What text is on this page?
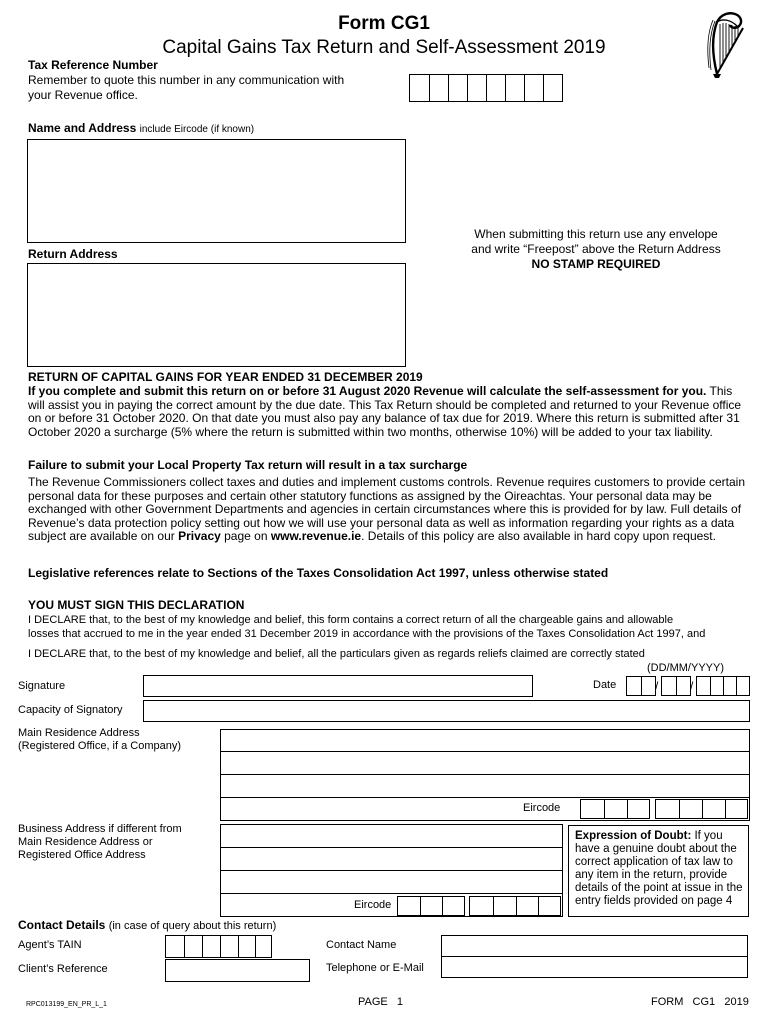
Form CG1
Capital Gains Tax Return and Self-Assessment 2019
Tax Reference Number
Remember to quote this number in any communication with
your Revenue office.
Name and Address include Eircode (if known)
When submitting this return use any envelope
and write “Freepost” above the Return Address
NO STAMP REQUIRED
Return Address
RETURN OF CAPITAL GAINS FOR YEAR ENDED 31 DECEMBER 2019
If you complete and submit this return on or before 31 August 2020 Revenue will calculate the self-assessment for you. This will assist you in paying the correct amount by the due date. This Tax Return should be completed and returned to your Revenue office on or before 31 October 2020. On that date you must also pay any balance of tax due for 2019. Where this return is submitted after 31 October 2020 a surcharge (5% where the return is submitted within two months, otherwise 10%) will be added to your tax liability.
Failure to submit your Local Property Tax return will result in a tax surcharge
The Revenue Commissioners collect taxes and duties and implement customs controls. Revenue requires customers to provide certain personal data for these purposes and certain other statutory functions as assigned by the Oireachtas. Your personal data may be exchanged with other Government Departments and agencies in certain circumstances where this is provided for by law. Full details of Revenue’s data protection policy setting out how we will use your personal data as well as information regarding your rights as a data subject are available on our Privacy page on www.revenue.ie. Details of this policy are also available in hard copy upon request.
Legislative references relate to Sections of the Taxes Consolidation Act 1997, unless otherwise stated
YOU MUST SIGN THIS DECLARATION
I DECLARE that, to the best of my knowledge and belief, this form contains a correct return of all the chargeable gains and allowable
losses that accrued to me in the year ended 31 December 2019 in accordance with the provisions of the Taxes Consolidation Act 1997, and
I DECLARE that, to the best of my knowledge and belief, all the particulars given as regards reliefs claimed are correctly stated
(DD/MM/YYYY)
Signature	Date	/	/
Capacity of Signatory
Main Residence Address
(Registered Office, if a Company)
Eircode
Business Address if different from
Main Residence Address or
Registered Office Address
Eircode
Expression of Doubt: If you have a genuine doubt about the correct application of tax law to any item in the return, provide details of the point at issue in the entry fields provided on page 4
Contact Details (in case of query about this return)
Agent’s TAIN
Client’s Reference
Contact Name
Telephone or E-Mail
RPC013199_EN_PR_L_1	PAGE   1	FORM   CG1   2019
